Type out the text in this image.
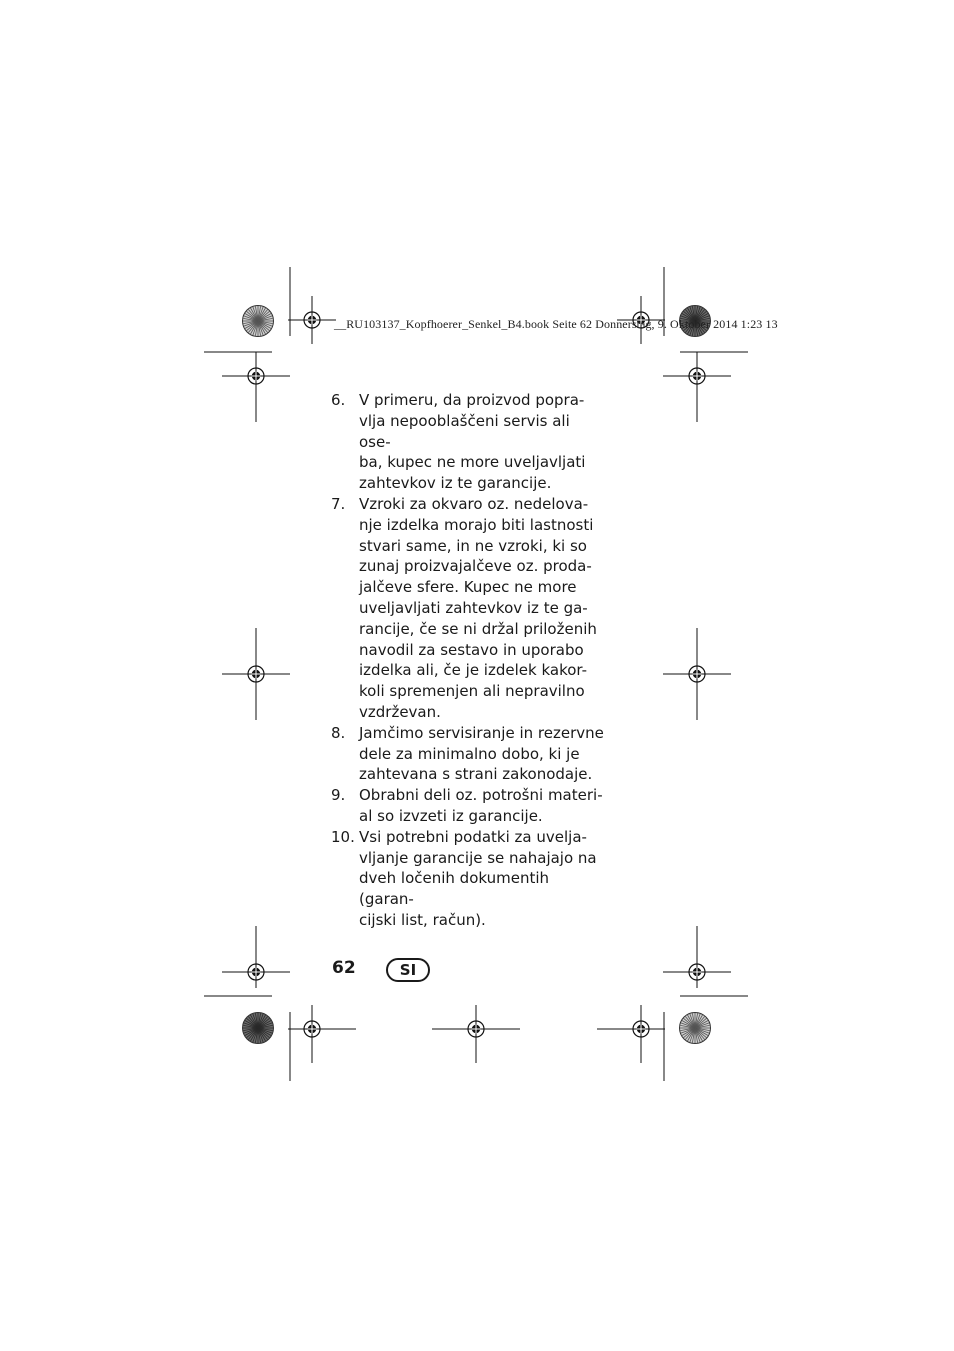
__RU103137_Kopfhoerer_Senkel_B4.book Seite 62 Donnerstag, 9. Oktober 2014 1:23 13
6. V primeru, da proizvod popra-
vlja nepooblaščeni servis ali ose-
ba, kupec ne more uveljavljati
zahtevkov iz te garancije.
7. Vzroki za okvaro oz. nedelova-
nje izdelka morajo biti lastnosti
stvari same, in ne vzroki, ki so
zunaj proizvajalčeve oz. proda-
jalčeve sfere. Kupec ne more
uveljavljati zahtevkov iz te ga-
rancije, če se ni držal priloženih
navodil za sestavo in uporabo
izdelka ali, če je izdelek kakor-
koli spremenjen ali nepravilno
vzdrževan.
8. Jamčimo servisiranje in rezervne
dele za minimalno dobo, ki je
zahtevana s strani zakonodaje.
9. Obrabni deli oz. potrošni materi-
al so izvzeti iz garancije.
10. Vsi potrebni podatki za uvelja-
vljanje garancije se nahajajo na
dveh ločenih dokumentih (garan-
cijski list, račun).
62	SI
